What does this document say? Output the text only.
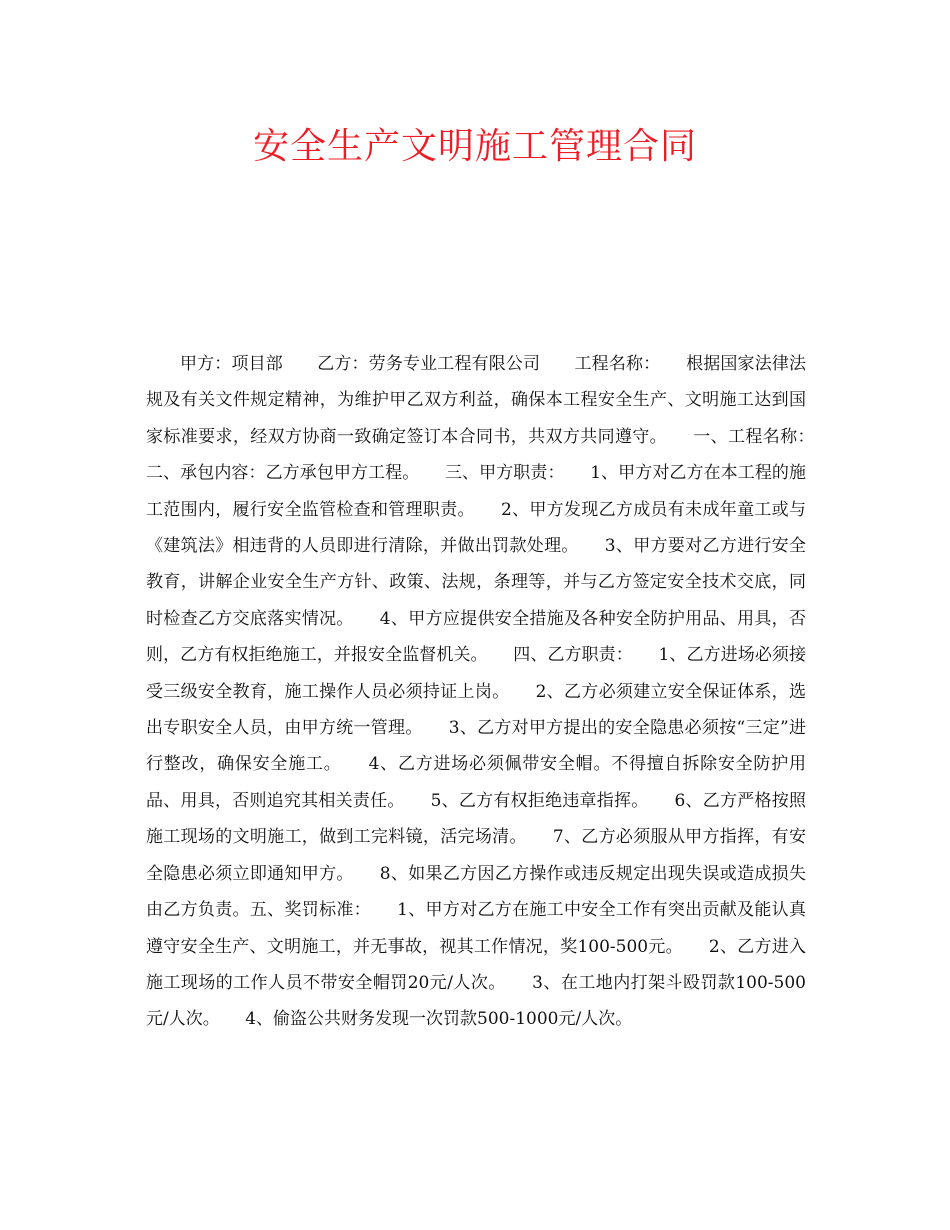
安全生产文明施工管理合同

甲方：项目部　　乙方：劳务专业工程有限公司　　工程名称：　　根据国家法律法规及有关文件规定精神，为维护甲乙双方利益，确保本工程安全生产、文明施工达到国家标准要求，经双方协商一致确定签订本合同书，共双方共同遵守。　　一、工程名称：　　二、承包内容：乙方承包甲方工程。　　三、甲方职责：　　1、甲方对乙方在本工程的施工范围内，履行安全监管检查和管理职责。　　2、甲方发现乙方成员有未成年童工或与《建筑法》相违背的人员即进行清除，并做出罚款处理。　　3、甲方要对乙方进行安全教育，讲解企业安全生产方针、政策、法规，条理等，并与乙方签定安全技术交底，同时检查乙方交底落实情况。　　4、甲方应提供安全措施及各种安全防护用品、用具，否则，乙方有权拒绝施工，并报安全监督机关。　　四、乙方职责：　　1、乙方进场必须接受三级安全教育，施工操作人员必须持证上岗。　　2、乙方必须建立安全保证体系，选出专职安全人员，由甲方统一管理。　　3、乙方对甲方提出的安全隐患必须按“三定”进行整改，确保安全施工。　　4、乙方进场必须佩带安全帽。不得擅自拆除安全防护用品、用具，否则追究其相关责任。　　5、乙方有权拒绝违章指挥。　　6、乙方严格按照施工现场的文明施工，做到工完料镜，活完场清。　　7、乙方必须服从甲方指挥，有安全隐患必须立即通知甲方。　　8、如果乙方因乙方操作或违反规定出现失误或造成损失由乙方负责。五、奖罚标准：　　1、甲方对乙方在施工中安全工作有突出贡献及能认真遵守安全生产、文明施工，并无事故，视其工作情况，奖100-500元。　　2、乙方进入施工现场的工作人员不带安全帽罚20元/人次。　　3、在工地内打架斗殴罚款100-500元/人次。　　4、偷盗公共财务发现一次罚款500-1000元/人次。
